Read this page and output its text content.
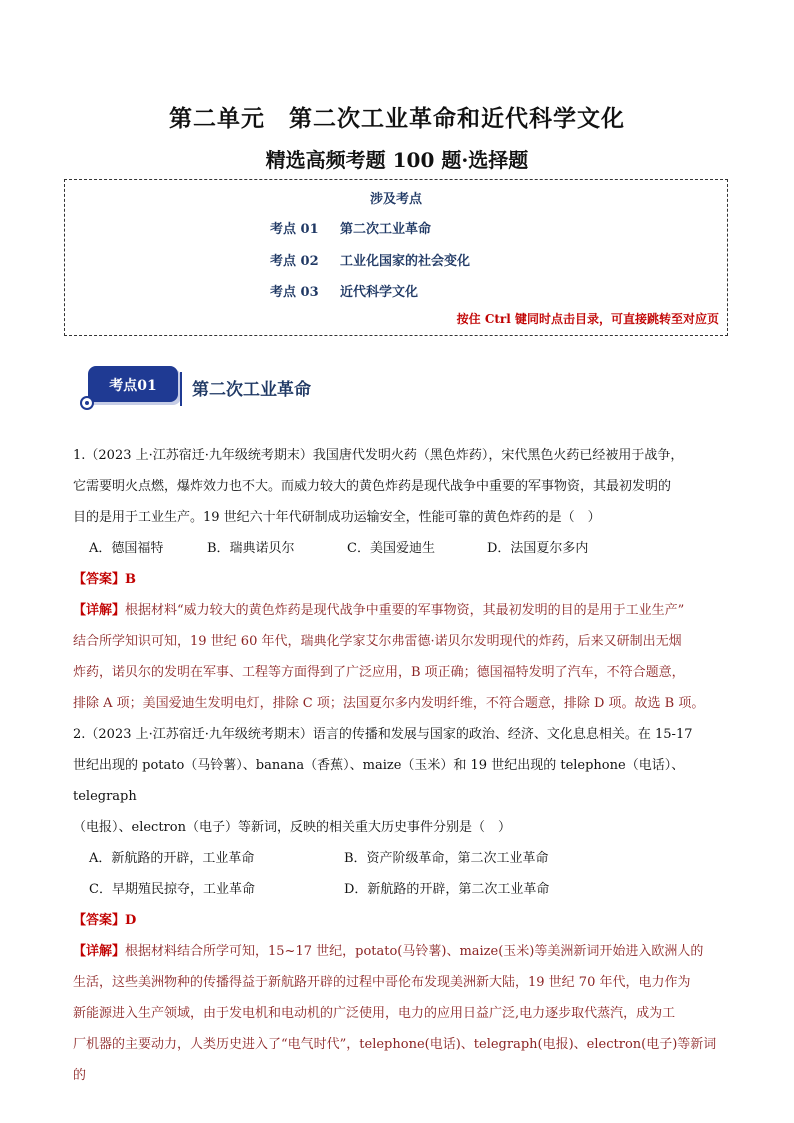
第二单元　第二次工业革命和近代科学文化
精选高频考题 100 题·选择题
涉及考点
考点 01 第二次工业革命
考点 02 工业化国家的社会变化
考点 03 近代科学文化
按住 Ctrl 键同时点击目录，可直接跳转至对应页
考点01	第二次工业革命

1.（2023 上·江苏宿迁·九年级统考期末）我国唐代发明火药（黑色炸药），宋代黑色火药已经被用于战争，

它需要明火点燃，爆炸效力也不大。而威力较大的黄色炸药是现代战争中重要的军事物资，其最初发明的

目的是用于工业生产。19 世纪六十年代研制成功运输安全，性能可靠的黄色炸药的是（　）

A．德国福特	B．瑞典诺贝尔	C．美国爱迪生	D．法国夏尔多内

【答案】B

【详解】根据材料“威力较大的黄色炸药是现代战争中重要的军事物资，其最初发明的目的是用于工业生产”

结合所学知识可知，19 世纪 60 年代，瑞典化学家艾尔弗雷德·诺贝尔发明现代的炸药，后来又研制出无烟

炸药，诺贝尔的发明在军事、工程等方面得到了广泛应用，B 项正确；德国福特发明了汽车，不符合题意，

排除 A 项；美国爱迪生发明电灯，排除 C 项；法国夏尔多内发明纤维，不符合题意，排除 D 项。故选 B 项。

2.（2023 上·江苏宿迁·九年级统考期末）语言的传播和发展与国家的政治、经济、文化息息相关。在 15-17

世纪出现的 potato（马铃薯）、banana（香蕉）、maize（玉米）和 19 世纪出现的 telephone（电话）、telegraph

（电报）、electron（电子）等新词，反映的相关重大历史事件分别是（　）

A．新航路的开辟，工业革命	B．资产阶级革命，第二次工业革命
C．早期殖民掠夺，工业革命	D．新航路的开辟，第二次工业革命

【答案】D

【详解】根据材料结合所学可知，15~17 世纪，potato(马铃薯)、maize(玉米)等美洲新词开始进入欧洲人的

生活，这些美洲物种的传播得益于新航路开辟的过程中哥伦布发现美洲新大陆，19 世纪 70 年代，电力作为

新能源进入生产领域，由于发电机和电动机的广泛使用，电力的应用日益广泛,电力逐步取代蒸汽，成为工

厂机器的主要动力，人类历史进入了“电气时代”，telephone(电话)、telegraph(电报)、electron(电子)等新词的
